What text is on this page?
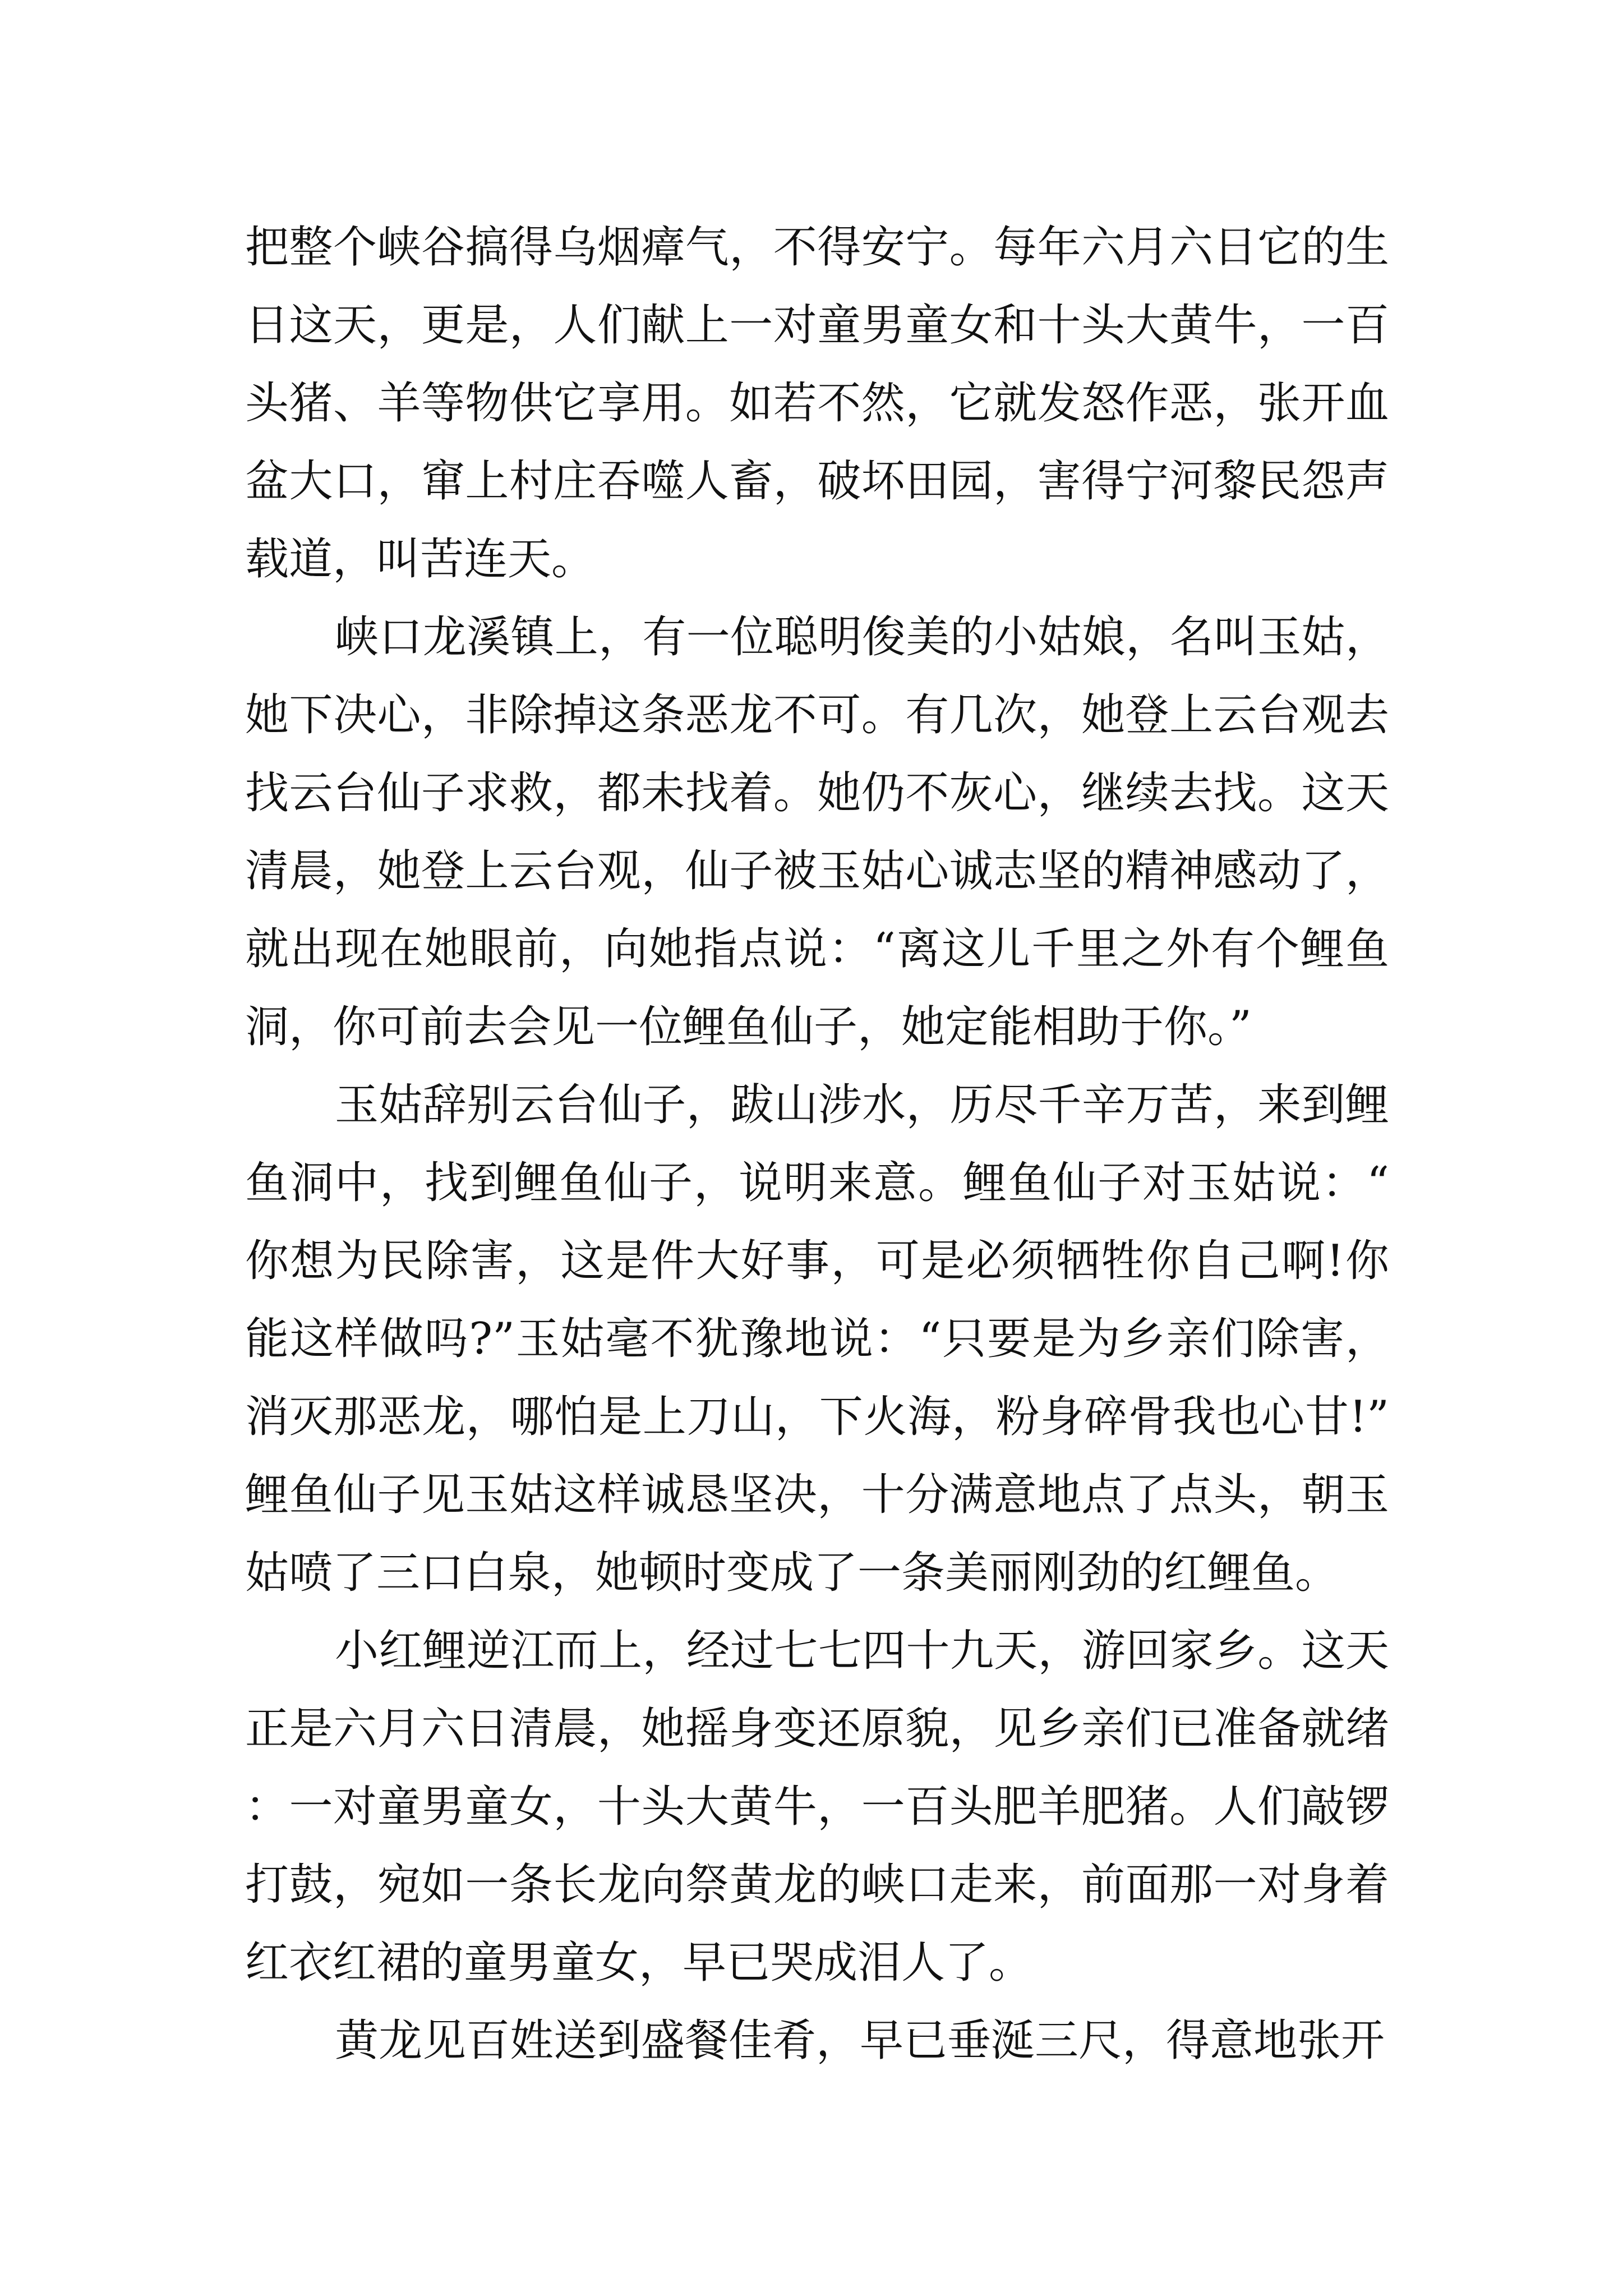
把整个峡谷搞得乌烟瘴气，不得安宁。每年六月六日它的生日这天，更是，人们献上一对童男童女和十头大黄牛，一百头猪、羊等物供它享用。如若不然，它就发怒作恶，张开血盆大口，窜上村庄吞噬人畜，破坏田园，害得宁河黎民怨声载道，叫苦连天。

峡口龙溪镇上，有一位聪明俊美的小姑娘，名叫玉姑，她下决心，非除掉这条恶龙不可。有几次，她登上云台观去找云台仙子求救，都未找着。她仍不灰心，继续去找。这天清晨，她登上云台观，仙子被玉姑心诚志坚的精神感动了，就出现在她眼前，向她指点说：“离这儿千里之外有个鲤鱼洞，你可前去会见一位鲤鱼仙子，她定能相助于你。”

玉姑辞别云台仙子，跋山涉水，历尽千辛万苦，来到鲤鱼洞中，找到鲤鱼仙子，说明来意。鲤鱼仙子对玉姑说：“你想为民除害，这是件大好事，可是必须牺牲你自己啊!你能这样做吗?”玉姑毫不犹豫地说：“只要是为乡亲们除害，消灭那恶龙，哪怕是上刀山，下火海，粉身碎骨我也心甘!”鲤鱼仙子见玉姑这样诚恳坚决，十分满意地点了点头，朝玉姑喷了三口白泉，她顿时变成了一条美丽刚劲的红鲤鱼。

小红鲤逆江而上，经过七七四十九天，游回家乡。这天正是六月六日清晨，她摇身变还原貌，见乡亲们已准备就绪：一对童男童女，十头大黄牛，一百头肥羊肥猪。人们敲锣打鼓，宛如一条长龙向祭黄龙的峡口走来，前面那一对身着红衣红裙的童男童女，早已哭成泪人了。

黄龙见百姓送到盛餐佳肴，早已垂涎三尺，得意地张开
